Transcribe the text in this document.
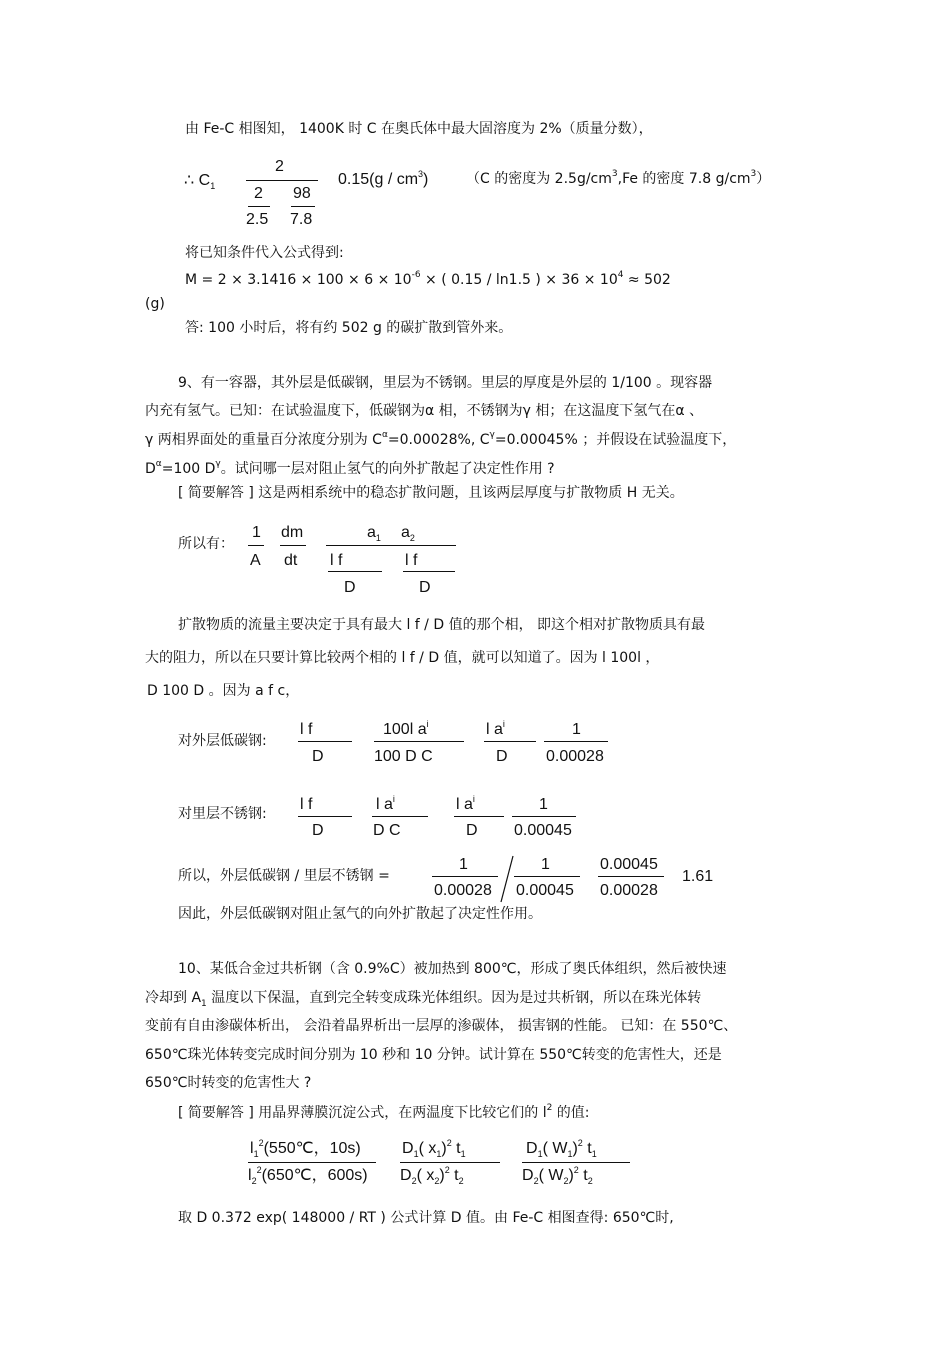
由 Fe-C 相图知， 1400K 时 C 在奥氏体中最大固溶度为 2%（质量分数），
∴ $C_1$
2
2 98
2.5 7.8
$0.15(g / cm^3)$	（C 的密度为 $2.5g/cm^3,Fe$ 的密度 7.8 $g/cm^3$）
将已知条件代入公式得到:
$M = 2 \times 3.1416 \times 100 \times 6 \times 10^{-6}$ × ( 0.15 / ln1.5 ) × $36 \times 10^4 \approx 502$
(g)
答: 100 小时后，将有约 502 g 的碳扩散到管外来。
9、有一容器，其外层是低碳钢，里层为不锈钢。里层的厚度是外层的 1/100 。现容器
内充有氢气。已知：在试验温度下，低碳钢为α 相，不锈钢为γ 相；在这温度下氢气在α 、
γ 两相界面处的重量百分浓度分别为 $C^\alpha=0.00028\%$, $C^\gamma=0.00045\%$ ；并假设在试验温度下，
$D^\alpha=100$ $D^\gamma$。试问哪一层对阻止氢气的向外扩散起了决定性作用 ?
[ 简要解答 ] 这是两相系统中的稳态扩散问题，且该两层厚度与扩散物质 H 无关。
所以有：
1
A
dm
dt
$a_1$ $a_2$
l f
D
l f
D
扩散物质的流量主要决定于具有最大 l f / D 值的那个相， 即这个相对扩散物质具有最
大的阻力，所以在只要计算比较两个相的 l f / D 值，就可以知道了。因为 l 100l ，
D 100 D 。因为 a f c，
对外层低碳钢:
l f
D
100l $a^i$
100 D C
l $a^i$
D
1
0.00028
对里层不锈钢:
l f
D
l $a^i$
D C
l $a^i$
D
1
0.00045
所以，外层低碳钢 / 里层不锈钢 =
1
0.00028
1
0.00045
0.00045
0.00028
1.61
因此，外层低碳钢对阻止氢气的向外扩散起了决定性作用。
10、某低合金过共析钢（含 0.9%C）被加热到 800℃，形成了奥氏体组织，然后被快速
冷却到 $A_1$ 温度以下保温，直到完全转变成珠光体组织。因为是过共析钢，所以在珠光体转
变前有自由渗碳体析出， 会沿着晶界析出一层厚的渗碳体， 损害钢的性能。 已知：在 550℃、
650℃珠光体转变完成时间分别为 10 秒和 10 分钟。试计算在 550℃转变的危害性大，还是
650℃时转变的危害性大 ?
[ 简要解答 ] 用晶界薄膜沉淀公式，在两温度下比较它们的 $l^2$ 的值:
$l_1^2(550℃$，10s)
$l_2^2(650℃$，600s)
$D_1$( $x_1)^2$ $t_1$
$D_2$( $x_2)^2$ $t_2$
$D_1$( $W_1)^2$ $t_1$
$D_2$( $W_2)^2$ $t_2$
取 D 0.372 exp( 148000 / RT ) 公式计算 D 值。由 Fe-C 相图查得: 650℃时,
